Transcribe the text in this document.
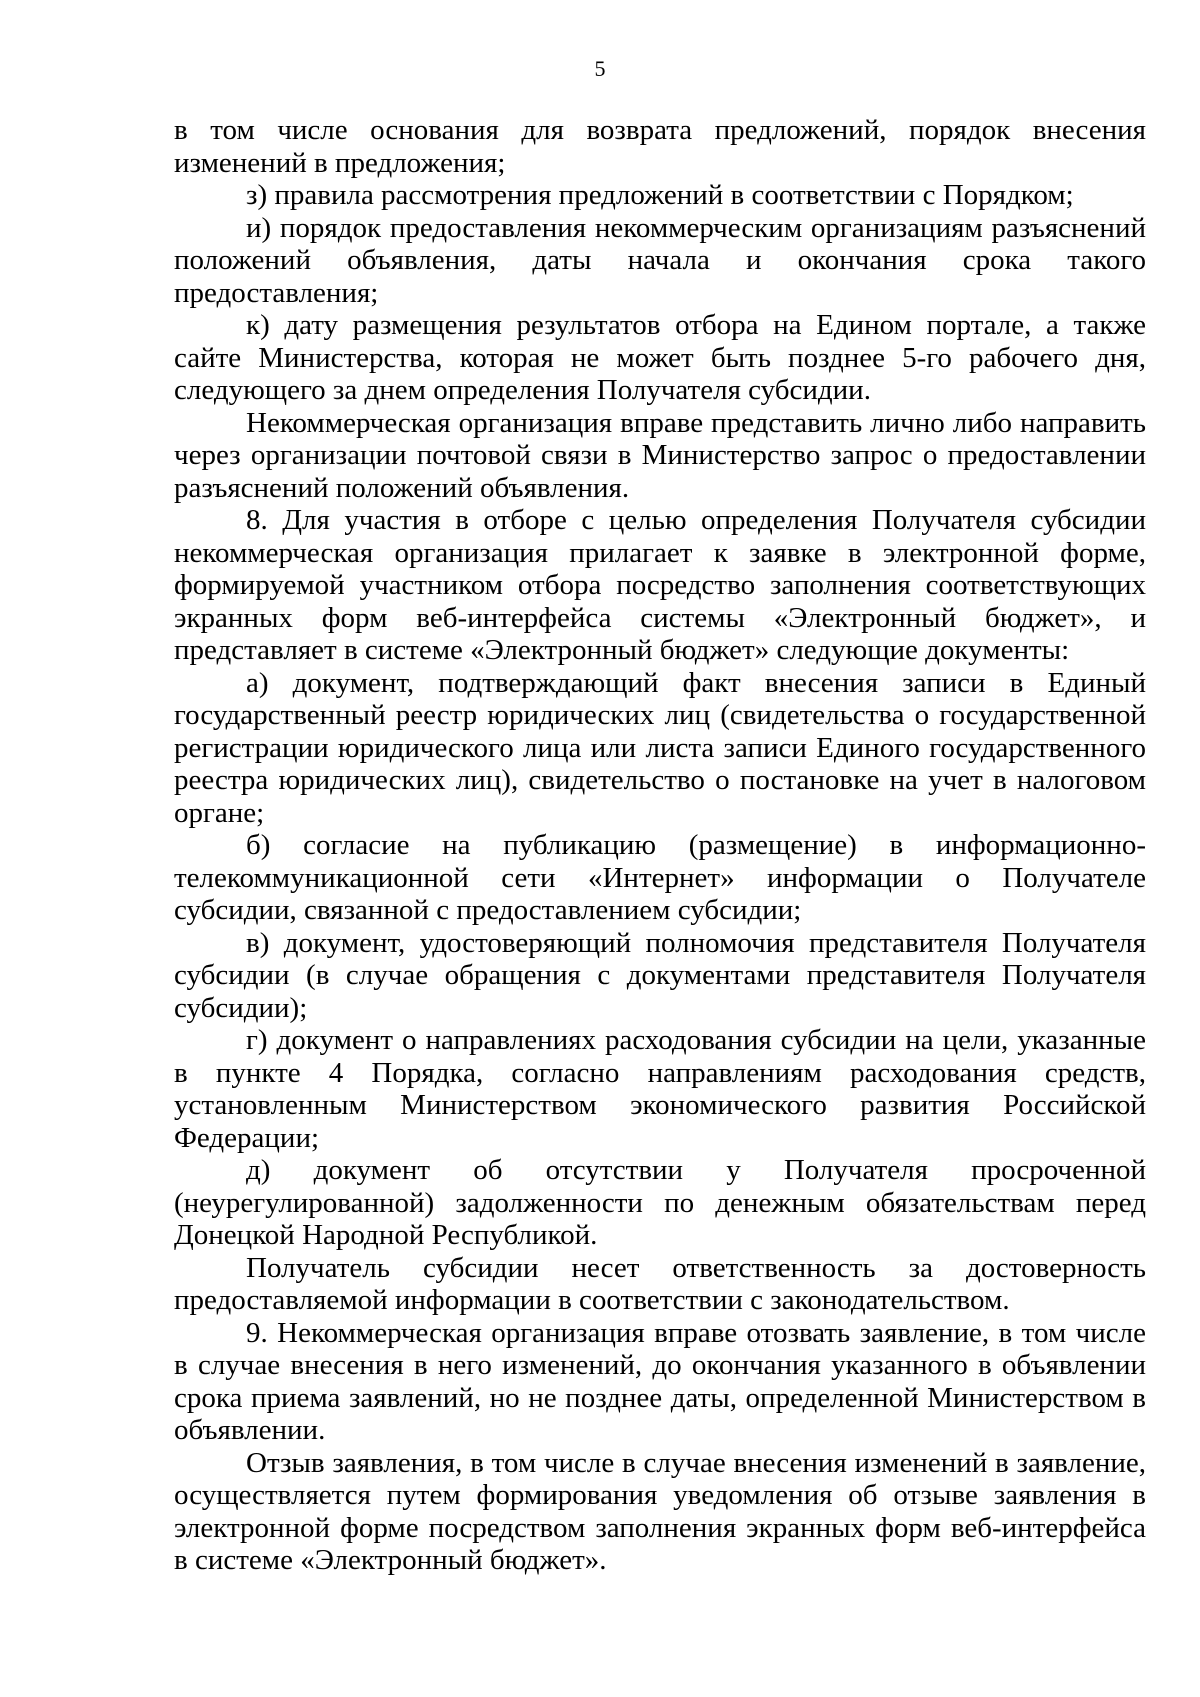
5

в том числе основания для возврата предложений, порядок внесения изменений в предложения;

з) правила рассмотрения предложений в соответствии с Порядком;

и) порядок предоставления некоммерческим организациям разъяснений положений объявления, даты начала и окончания срока такого предоставления;

к) дату размещения результатов отбора на Едином портале, а также сайте Министерства, которая не может быть позднее 5-го рабочего дня, следующего за днем определения Получателя субсидии.

Некоммерческая организация вправе представить лично либо направить через организации почтовой связи в Министерство запрос о предоставлении разъяснений положений объявления.

8. Для участия в отборе с целью определения Получателя субсидии некоммерческая организация прилагает к заявке в электронной форме, формируемой участником отбора посредство заполнения соответствующих экранных форм веб-интерфейса системы «Электронный бюджет», и представляет в системе «Электронный бюджет» следующие документы:

а) документ, подтверждающий факт внесения записи в Единый государственный реестр юридических лиц (свидетельства о государственной регистрации юридического лица или листа записи Единого государственного реестра юридических лиц), свидетельство о постановке на учет в налоговом органе;

б) согласие на публикацию (размещение) в информационно-телекоммуникационной сети «Интернет» информации о Получателе субсидии, связанной с предоставлением субсидии;

в) документ, удостоверяющий полномочия представителя Получателя субсидии (в случае обращения с документами представителя Получателя субсидии);

г) документ о направлениях расходования субсидии на цели, указанные в пункте 4 Порядка, согласно направлениям расходования средств, установленным Министерством экономического развития Российской Федерации;

д) документ об отсутствии у Получателя просроченной (неурегулированной) задолженности по денежным обязательствам перед Донецкой Народной Республикой.

Получатель субсидии несет ответственность за достоверность предоставляемой информации в соответствии с законодательством.

9. Некоммерческая организация вправе отозвать заявление, в том числе в случае внесения в него изменений, до окончания указанного в объявлении срока приема заявлений, но не позднее даты, определенной Министерством в объявлении.

Отзыв заявления, в том числе в случае внесения изменений в заявление, осуществляется путем формирования уведомления об отзыве заявления в электронной форме посредством заполнения экранных форм веб-интерфейса в системе «Электронный бюджет».
